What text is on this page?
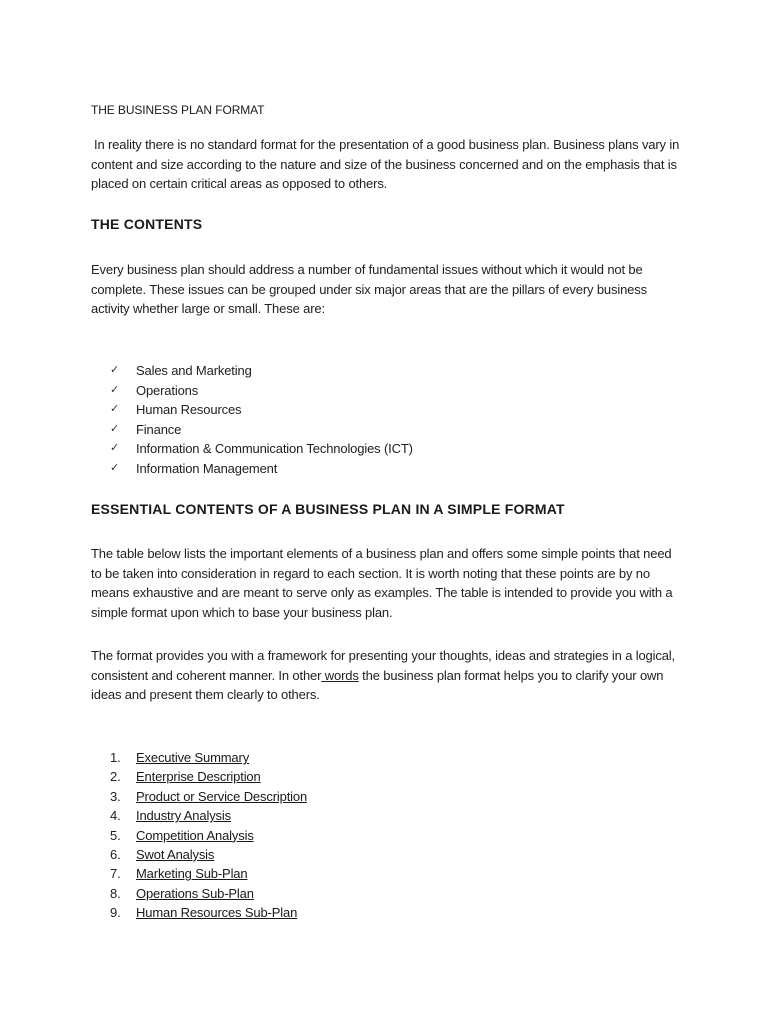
THE BUSINESS PLAN FORMAT

In reality there is no standard format for the presentation of a good business plan. Business plans vary in content and size according to the nature and size of the business concerned and on the emphasis that is placed on certain critical areas as opposed to others.

THE CONTENTS

Every business plan should address a number of fundamental issues without which it would not be complete. These issues can be grouped under six major areas that are the pillars of every business activity whether large or small. These are:

✓ Sales and Marketing
✓ Operations
✓ Human Resources
✓ Finance
✓ Information & Communication Technologies (ICT)
✓ Information Management
ESSENTIAL CONTENTS OF A BUSINESS PLAN IN A SIMPLE FORMAT

The table below lists the important elements of a business plan and offers some simple points that need to be taken into consideration in regard to each section. It is worth noting that these points are by no means exhaustive and are meant to serve only as examples. The table is intended to provide you with a simple format upon which to base your business plan.

The format provides you with a framework for presenting your thoughts, ideas and strategies in a logical, consistent and coherent manner. In other words the business plan format helps you to clarify your own ideas and present them clearly to others.

1.	Executive Summary
2.	Enterprise Description
3.	Product or Service Description
4.	Industry Analysis
5.	Competition Analysis
6.	Swot Analysis
7.	Marketing Sub-Plan
8.	Operations Sub-Plan
9.	Human Resources Sub-Plan
